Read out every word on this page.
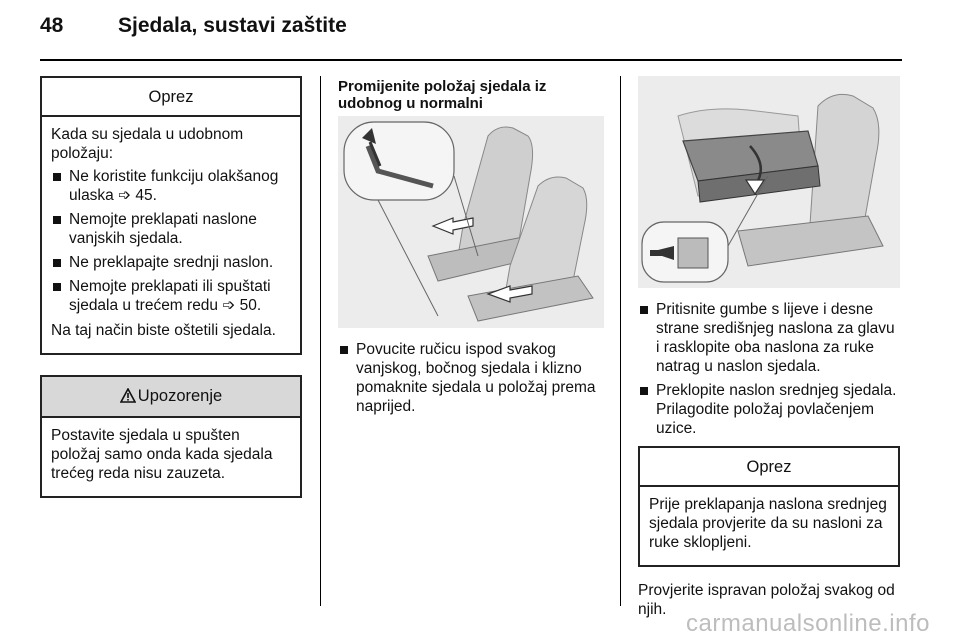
48	Sjedala, sustavi zaštite
Oprez

Kada su sjedala u udobnom položaju:

Ne koristite funkciju olakšanog ulaska ➩ 45.
Nemojte preklapati naslone vanjskih sjedala.
Ne preklapajte srednji naslon.
Nemojte preklapati ili spuštati sjedala u trećem redu ➩ 50.

Na taj način biste oštetili sjedala.

Upozorenje

Postavite sjedala u spušten položaj samo onda kada sjedala trećeg reda nisu zauzeta.

Promijenite položaj sjedala iz udobnog u normalni
Povucite ručicu ispod svakog vanjskog, bočnog sjedala i klizno pomaknite sjedala u položaj prema naprijed.
Pritisnite gumbe s lijeve i desne strane središnjeg naslona za glavu i rasklopite oba naslona za ruke natrag u naslon sjedala.
Preklopite naslon srednjeg sjedala. Prilagodite položaj povlačenjem uzice.
Oprez

Prije preklapanja naslona srednjeg sjedala provjerite da su nasloni za ruke sklopljeni.

Provjerite ispravan položaj svakog od njih.

carmanualsonline.info
